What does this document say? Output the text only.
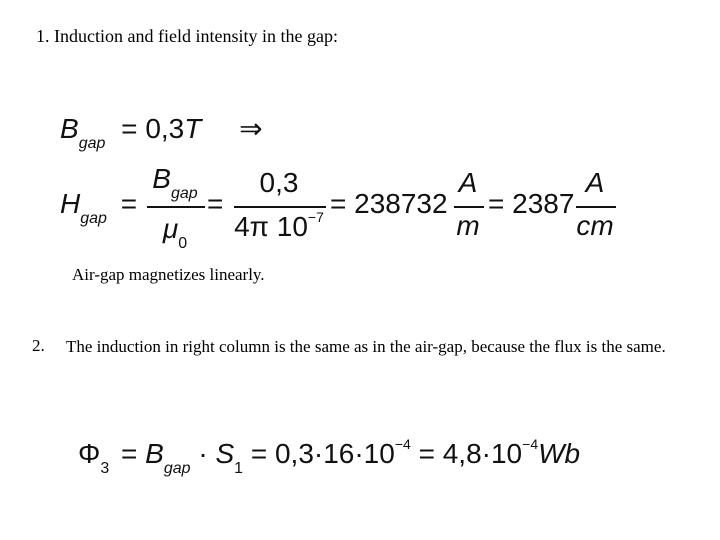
1. Induction and field intensity in the gap:
$B_{gap} = 0,3T$ ⇒
$H_{gap}$ =
$B_{gap}$
$\mu_0$
=
0,3
4π $10^{-7} = 238732$
A
m
= 2387
A
cm
Air-gap magnetizes linearly.
2. The induction in right column is the same as in the air-gap, because the flux is the same.
$\Phi_3 = B_{gap} \cdot S_1 = 0,3\cdot 16\cdot 10^{-4} = 4,8\cdot 10^{-4}Wb$
